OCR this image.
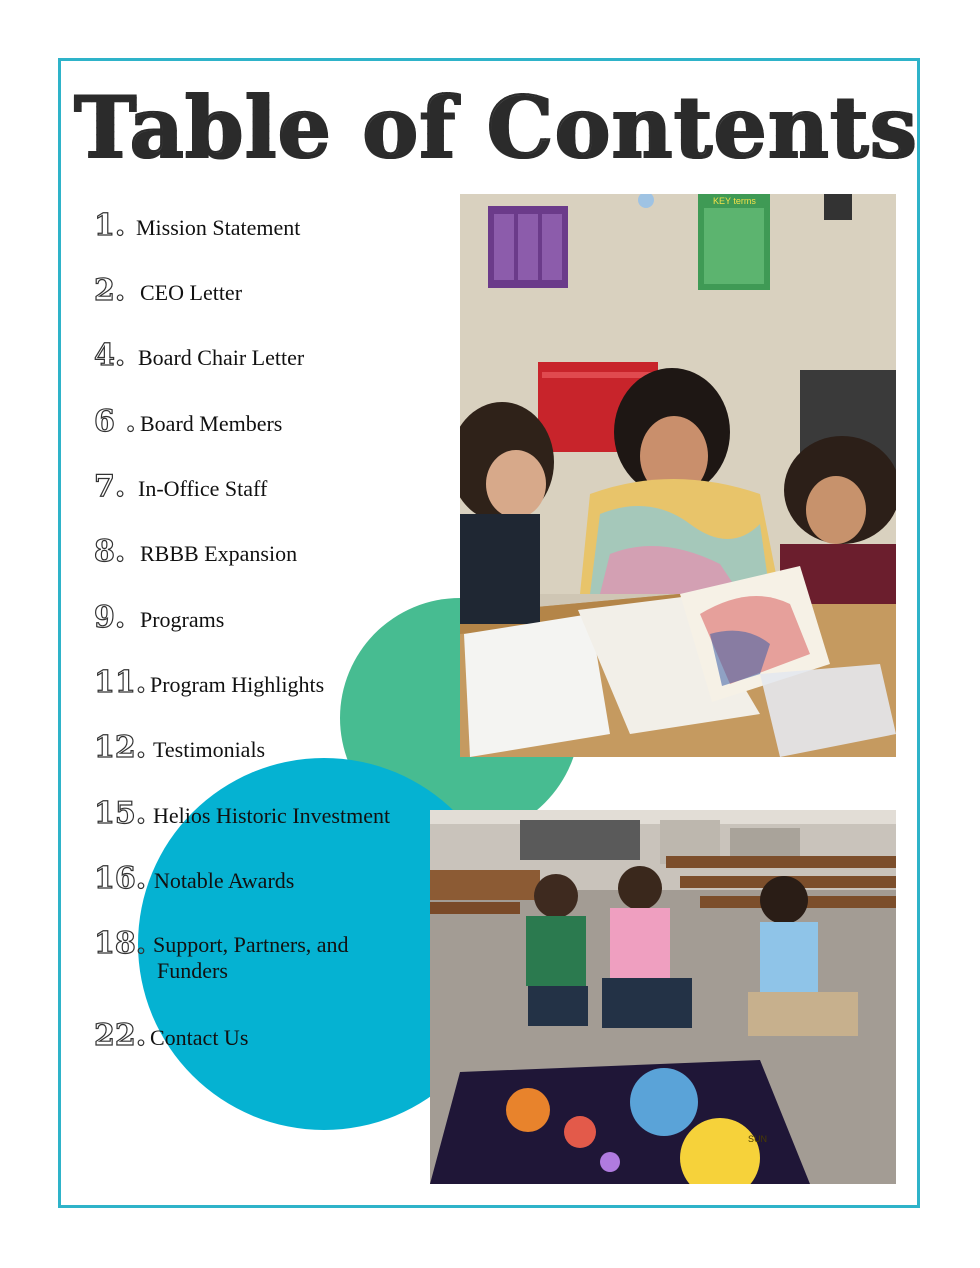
Table of Contents
KEY terms
SUN
1. Mission Statement
2. CEO Letter
4. Board Chair Letter
6 . Board Members
7. In-Office Staff
8. RBBB Expansion
9. Programs
11. Program Highlights
12. Testimonials
15. Helios Historic Investment
16. Notable Awards
18. Support, Partners, and
Funders
22. Contact Us
